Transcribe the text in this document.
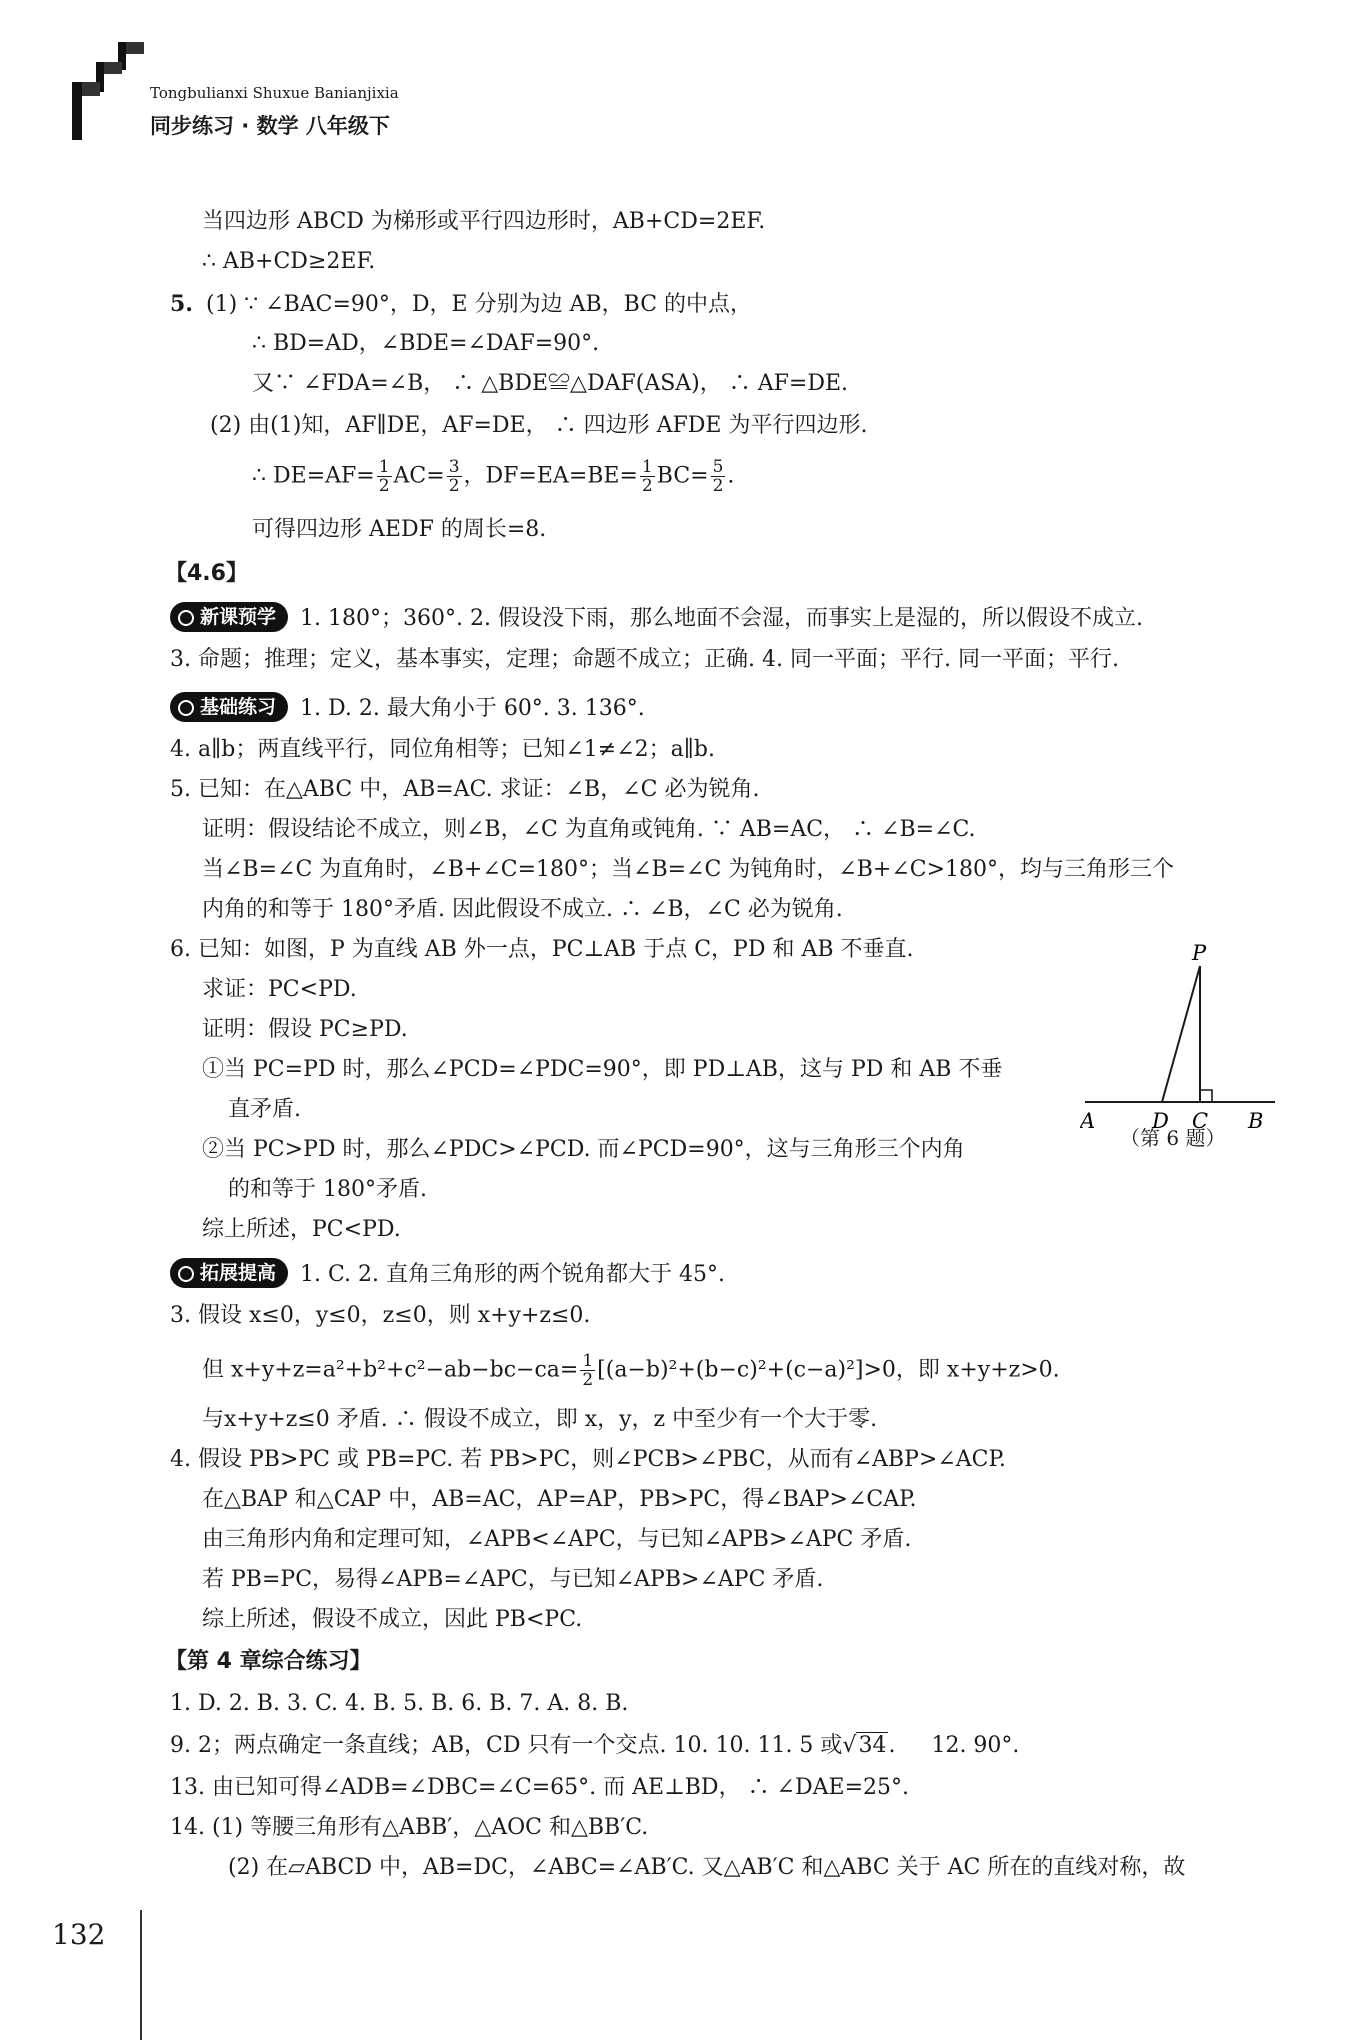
Tongbulianxi Shuxue Banianjixia
同步练习 · 数学 八年级下
当四边形 ABCD 为梯形或平行四边形时，AB+CD=2EF.
∴ AB+CD≥2EF.
5. (1) ∵ ∠BAC=90°，D，E 分别为边 AB，BC 的中点，
∴ BD=AD，∠BDE=∠DAF=90°.
又∵ ∠FDA=∠B， ∴ △BDE≌△DAF(ASA)， ∴ AF=DE.
(2) 由(1)知，AF∥DE，AF=DE， ∴ 四边形 AFDE 为平行四边形.
∴ $DE=AF= \frac{1}{2} AC= \frac{3}{2}$ ，$DF=EA=BE= \frac{1}{2} BC= \frac{5}{2}$ .
可得四边形 AEDF 的周长=8.
【4.6】
新课预学 1. 180°；360°. 2. 假设没下雨，那么地面不会湿，而事实上是湿的，所以假设不成立.
3. 命题；推理；定义，基本事实，定理；命题不成立；正确. 4. 同一平面；平行. 同一平面；平行.
基础练习 1. D. 2. 最大角小于 60°. 3. 136°.
4. a∥b；两直线平行，同位角相等；已知∠1≠∠2；a∥b.
5. 已知：在△ABC 中，AB=AC. 求证：∠B，∠C 必为锐角.
证明：假设结论不成立，则∠B，∠C 为直角或钝角. ∵ AB=AC， ∴ ∠B=∠C.
当∠B=∠C 为直角时，∠B+∠C=180°；当∠B=∠C 为钝角时，∠B+∠C>180°，均与三角形三个
内角的和等于 180°矛盾. 因此假设不成立. ∴ ∠B，∠C 必为锐角.
6. 已知：如图，P 为直线 AB 外一点，PC⊥AB 于点 C，PD 和 AB 不垂直.
求证：PC<PD.
证明：假设 PC≥PD.
①当 PC=PD 时，那么∠PCD=∠PDC=90°，即 PD⊥AB，这与 PD 和 AB 不垂
直矛盾.
②当 PC>PD 时，那么∠PDC>∠PCD. 而∠PCD=90°，这与三角形三个内角
的和等于 180°矛盾.
综上所述，PC<PD.
拓展提高 1. C. 2. 直角三角形的两个锐角都大于 45°.
3. 假设 x≤0，y≤0，z≤0，则 x+y+z≤0.
但 $x+y+z=a^2+b^2+c^2-ab-bc-ca= \frac{1}{2} [(a-b)^2+(b-c)^2+(c-a)^2]>0$，即 x+y+z>0.
与x+y+z≤0 矛盾. ∴ 假设不成立，即 x，y，z 中至少有一个大于零.
4. 假设 PB>PC 或 PB=PC. 若 PB>PC，则∠PCB>∠PBC，从而有∠ABP>∠ACP.
在△BAP 和△CAP 中，AB=AC，AP=AP，PB>PC，得∠BAP>∠CAP.
由三角形内角和定理可知，∠APB<∠APC，与已知∠APB>∠APC 矛盾.
若 PB=PC，易得∠APB=∠APC，与已知∠APB>∠APC 矛盾.
综上所述，假设不成立，因此 PB<PC.
【第 4 章综合练习】
1. D. 2. B. 3. C. 4. B. 5. B. 6. B. 7. A. 8. B.
9. 2；两点确定一条直线；AB，CD 只有一个交点. 10. 10. 11. 5 或√34. 12. 90°.
13. 由已知可得∠ADB=∠DBC=∠C=65°. 而 AE⊥BD， ∴ ∠DAE=25°.
14. (1) 等腰三角形有△ABB′，△AOC 和△BB′C.
(2) 在▱ABCD 中，AB=DC，∠ABC=∠AB′C. 又△AB′C 和△ABC 关于 AC 所在的直线对称，故
P
A	D C B
（第 6 题）
132
